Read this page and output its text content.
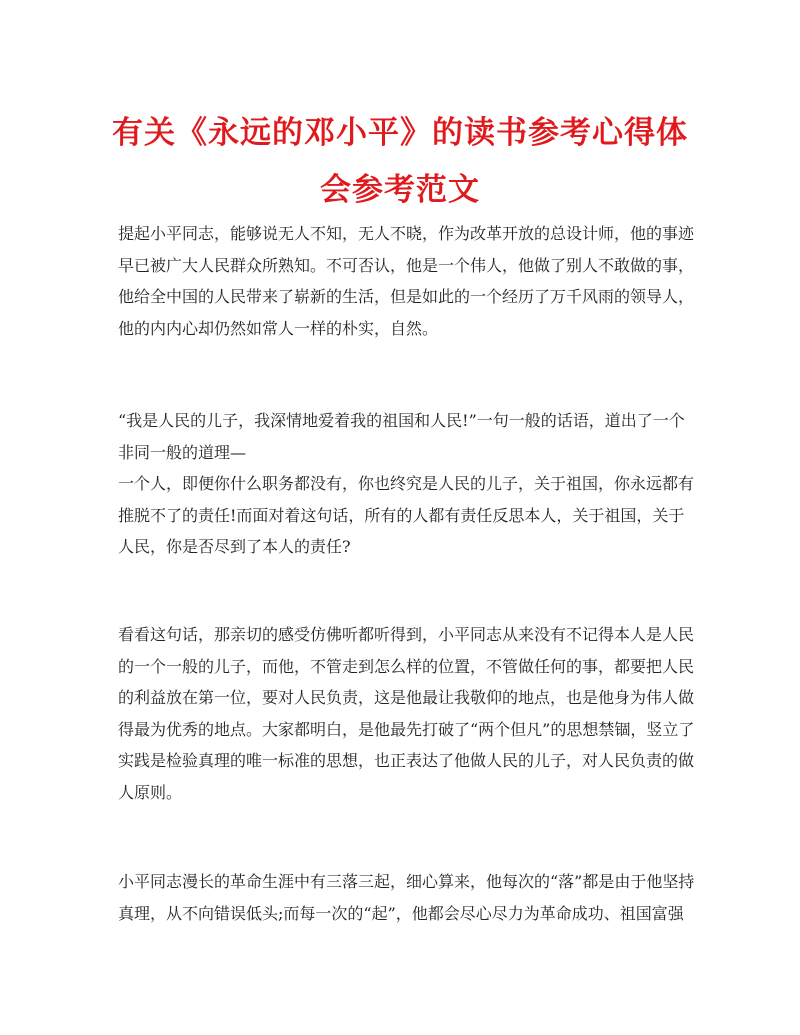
有关《永远的邓小平》的读书参考心得体
会参考范文

提起小平同志，能够说无人不知，无人不晓，作为改革开放的总设计师，他的事迹
早已被广大人民群众所熟知。不可否认，他是一个伟人，他做了别人不敢做的事，
他给全中国的人民带来了崭新的生活，但是如此的一个经历了万千风雨的领导人，
他的内内心却仍然如常人一样的朴实，自然。

“我是人民的儿子，我深情地爱着我的祖国和人民!”一句一般的话语，道出了一个
非同一般的道理—
一个人，即便你什么职务都没有，你也终究是人民的儿子，关于祖国，你永远都有
推脱不了的责任!而面对着这句话，所有的人都有责任反思本人，关于祖国，关于
人民，你是否尽到了本人的责任?

看看这句话，那亲切的感受仿佛听都听得到，小平同志从来没有不记得本人是人民
的一个一般的儿子，而他，不管走到怎么样的位置，不管做任何的事，都要把人民
的利益放在第一位，要对人民负责，这是他最让我敬仰的地点，也是他身为伟人做
得最为优秀的地点。大家都明白，是他最先打破了“两个但凡”的思想禁锢，竖立了
实践是检验真理的唯一标准的思想，也正表达了他做人民的儿子，对人民负责的做
人原则。

小平同志漫长的革命生涯中有三落三起，细心算来，他每次的“落”都是由于他坚持
真理，从不向错误低头;而每一次的“起”，他都会尽心尽力为革命成功、祖国富强
